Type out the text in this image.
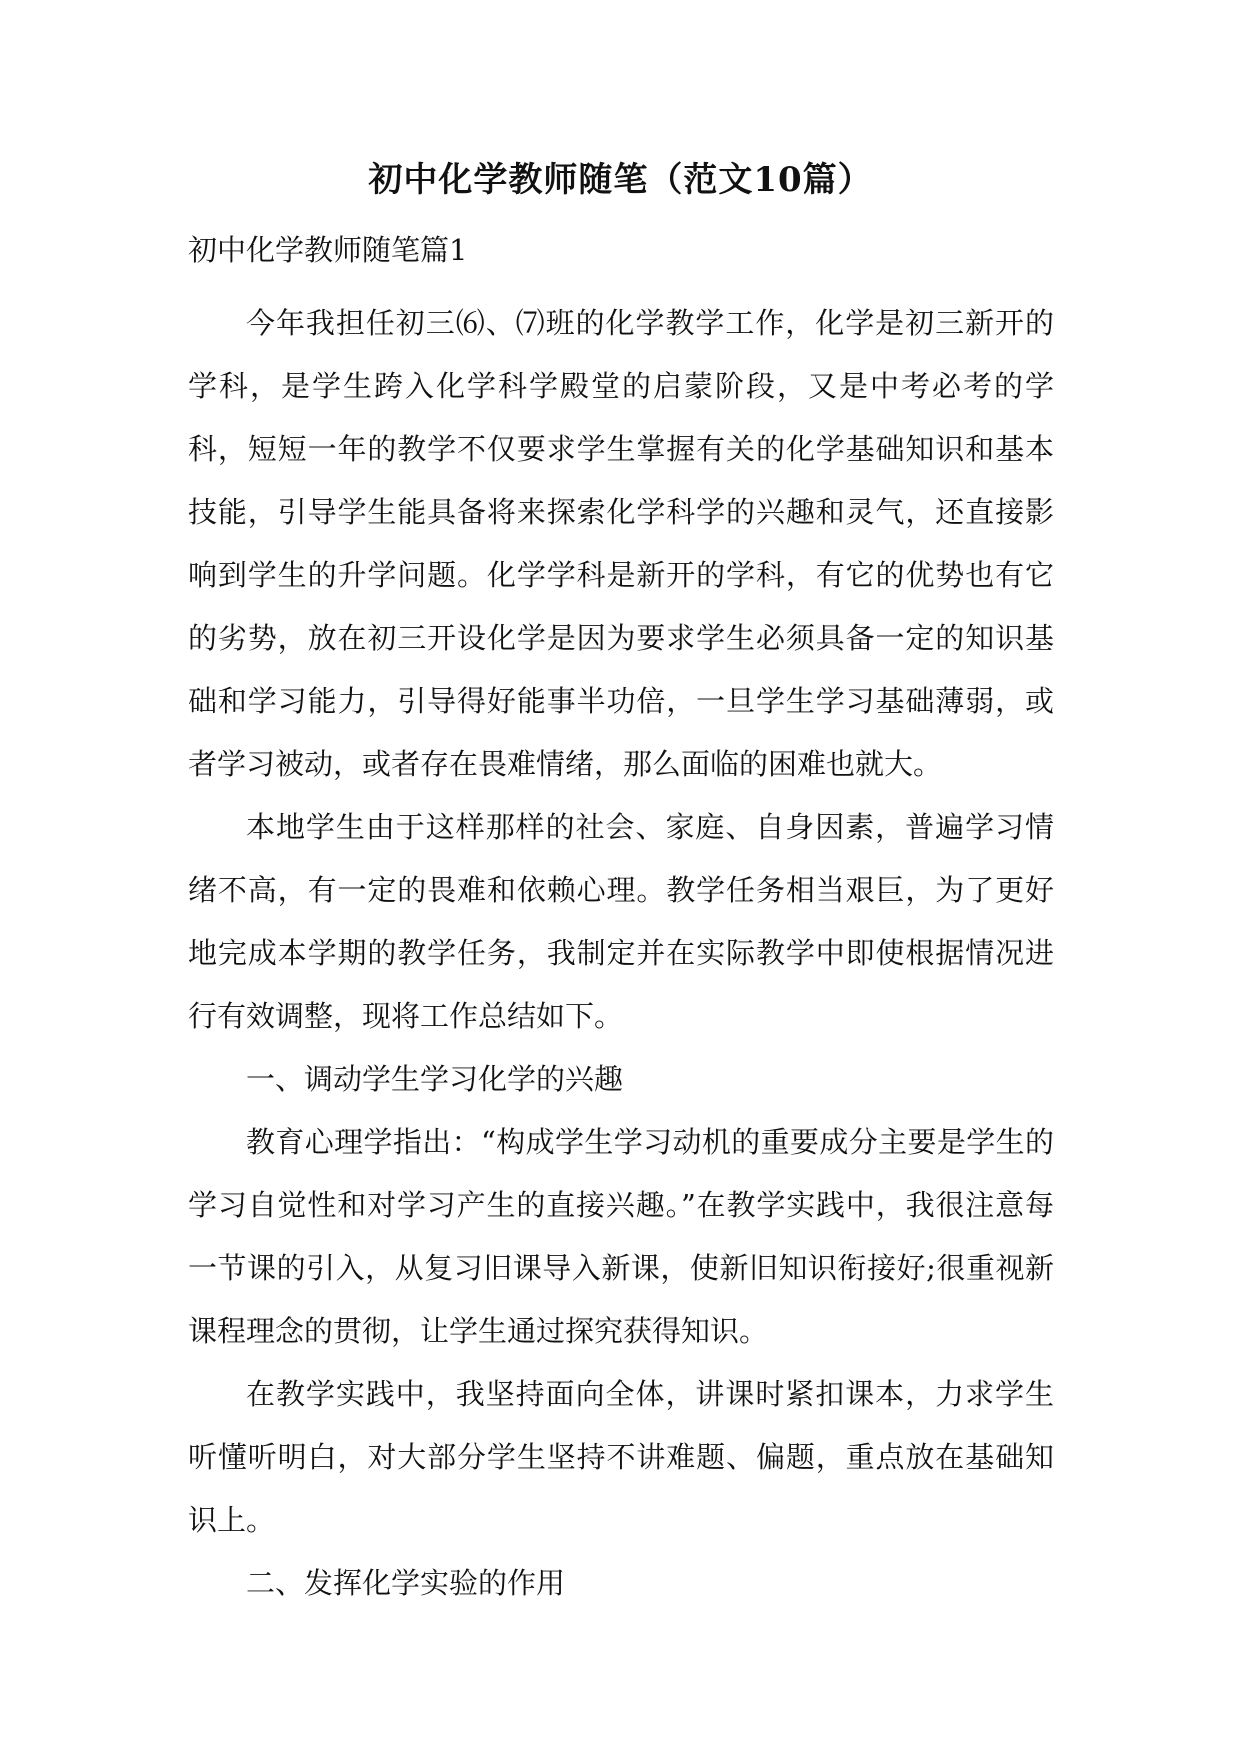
初中化学教师随笔（范文10篇）

初中化学教师随笔篇1

今年我担任初三⑹、⑺班的化学教学工作，化学是初三新开的学科，是学生跨入化学科学殿堂的启蒙阶段，又是中考必考的学科，短短一年的教学不仅要求学生掌握有关的化学基础知识和基本技能，引导学生能具备将来探索化学科学的兴趣和灵气，还直接影响到学生的升学问题。化学学科是新开的学科，有它的优势也有它的劣势，放在初三开设化学是因为要求学生必须具备一定的知识基础和学习能力，引导得好能事半功倍，一旦学生学习基础薄弱，或者学习被动，或者存在畏难情绪，那么面临的困难也就大。

本地学生由于这样那样的社会、家庭、自身因素，普遍学习情绪不高，有一定的畏难和依赖心理。教学任务相当艰巨，为了更好地完成本学期的教学任务，我制定并在实际教学中即使根据情况进行有效调整，现将工作总结如下。

一、调动学生学习化学的兴趣

教育心理学指出：“构成学生学习动机的重要成分主要是学生的学习自觉性和对学习产生的直接兴趣。”在教学实践中，我很注意每一节课的引入，从复习旧课导入新课，使新旧知识衔接好;很重视新课程理念的贯彻，让学生通过探究获得知识。

在教学实践中，我坚持面向全体，讲课时紧扣课本，力求学生听懂听明白，对大部分学生坚持不讲难题、偏题，重点放在基础知识上。

二、发挥化学实验的作用
